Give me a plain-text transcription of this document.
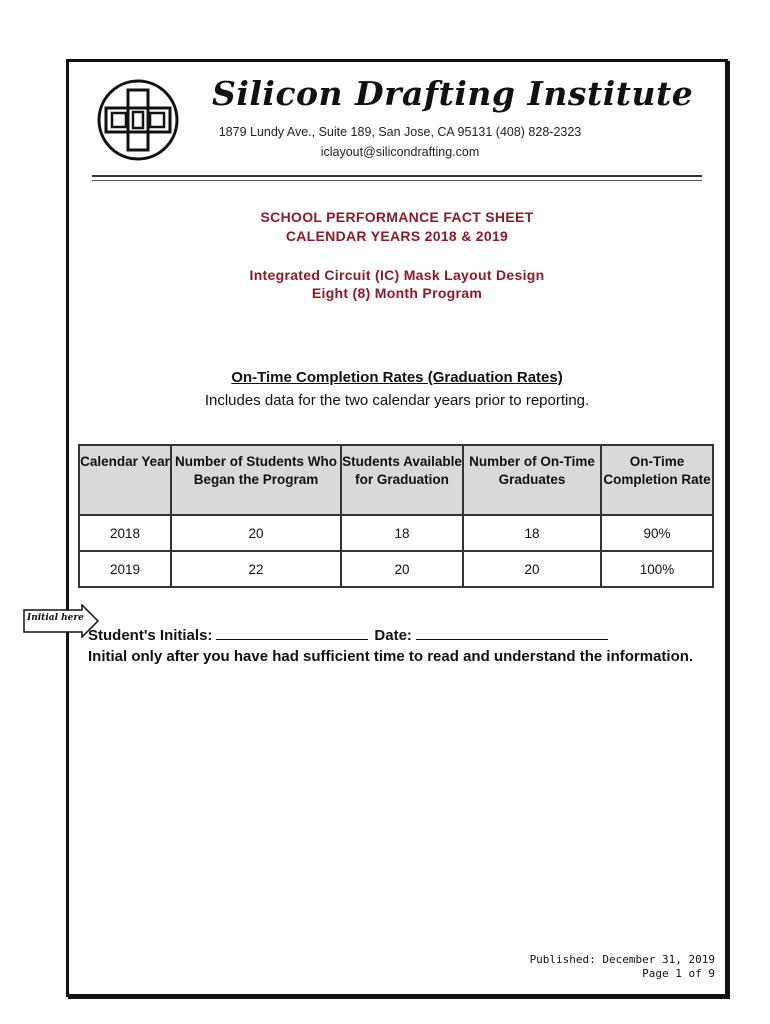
Silicon Drafting Institute
1879 Lundy Ave., Suite 189, San Jose, CA 95131 (408) 828-2323
iclayout@silicondrafting.com
SCHOOL PERFORMANCE FACT SHEET
CALENDAR YEARS 2018 & 2019
Integrated Circuit (IC) Mask Layout Design
Eight (8) Month Program
On-Time Completion Rates (Graduation Rates)
Includes data for the two calendar years prior to reporting.
Calendar Year	Number of Students Who Began the Program	Students Available for Graduation	Number of On-Time Graduates	On-Time Completion Rate
2018	20	18	18	90%
2019	22	20	20	100%
Initial here
Student's Initials:	Date:
Initial only after you have had sufficient time to read and understand the information.
Published: December 31, 2019
Page 1 of 9
